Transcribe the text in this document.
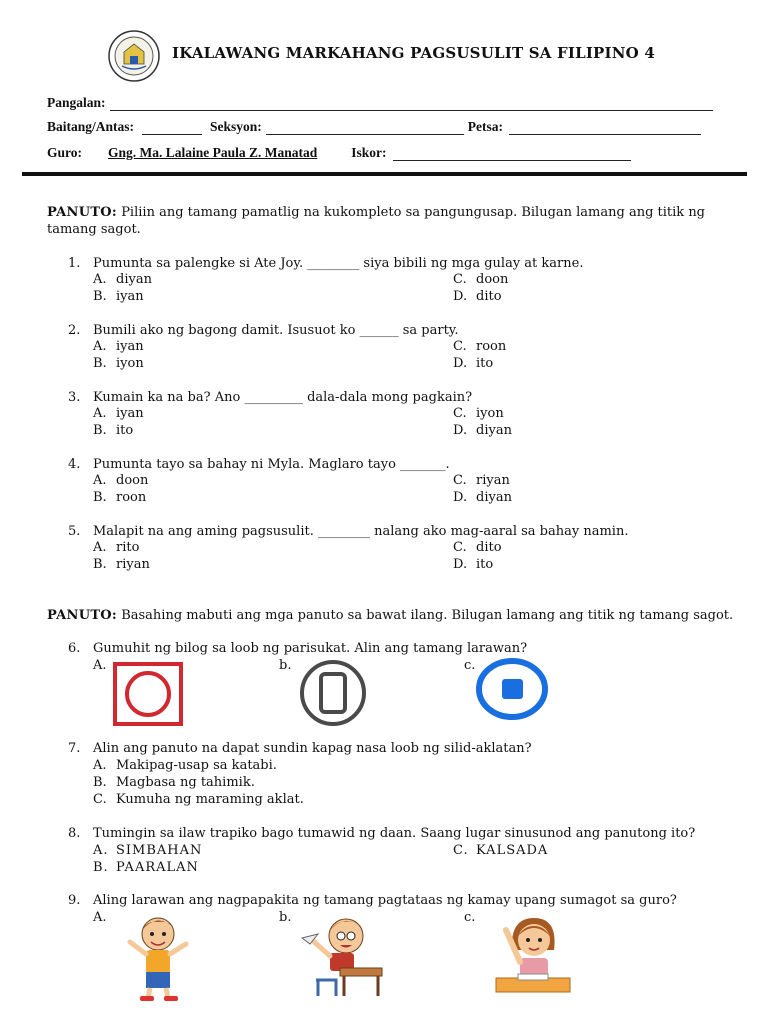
IKALAWANG MARKAHANG PAGSUSULIT SA FILIPINO 4
Pangalan:
Baitang/Antas:	Seksyon:	Petsa:
Guro:	Gng. Ma. Lalaine Paula Z. Manatad	Iskor:
PANUTO: Piliin ang tamang pamatlig na kukompleto sa pangungusap. Bilugan lamang ang titik ng tamang sagot.
1. Pumunta sa palengke si Ate Joy. ________ siya bibili ng mga gulay at karne.
A. diyan	C. doon
B. iyan	D. dito
2. Bumili ako ng bagong damit. Isusuot ko ______ sa party.
A. iyan	C. roon
B. iyon	D. ito
3. Kumain ka na ba? Ano _________ dala-dala mong pagkain?
A. iyan	C. iyon
B. ito	D. diyan
4. Pumunta tayo sa bahay ni Myla. Maglaro tayo _______.
A. doon	C. riyan
B. roon	D. diyan
5. Malapit na ang aming pagsusulit. ________ nalang ako mag-aaral sa bahay namin.
A. rito	C. dito
B. riyan	D. ito
PANUTO: Basahing mabuti ang mga panuto sa bawat ilang. Bilugan lamang ang titik ng tamang sagot.
6. Gumuhit ng bilog sa loob ng parisukat. Alin ang tamang larawan?
A.	b.	c.
7. Alin ang panuto na dapat sundin kapag nasa loob ng silid-aklatan?
A. Makipag-usap sa katabi.
B. Magbasa ng tahimik.
C. Kumuha ng maraming aklat.
8. Tumingin sa ilaw trapiko bago tumawid ng daan. Saang lugar sinusunod ang panutong ito?
A. SIMBAHAN	C. KALSADA
B. PAARALAN
9. Aling larawan ang nagpapakita ng tamang pagtataas ng kamay upang sumagot sa guro?
A.	b.	c.
